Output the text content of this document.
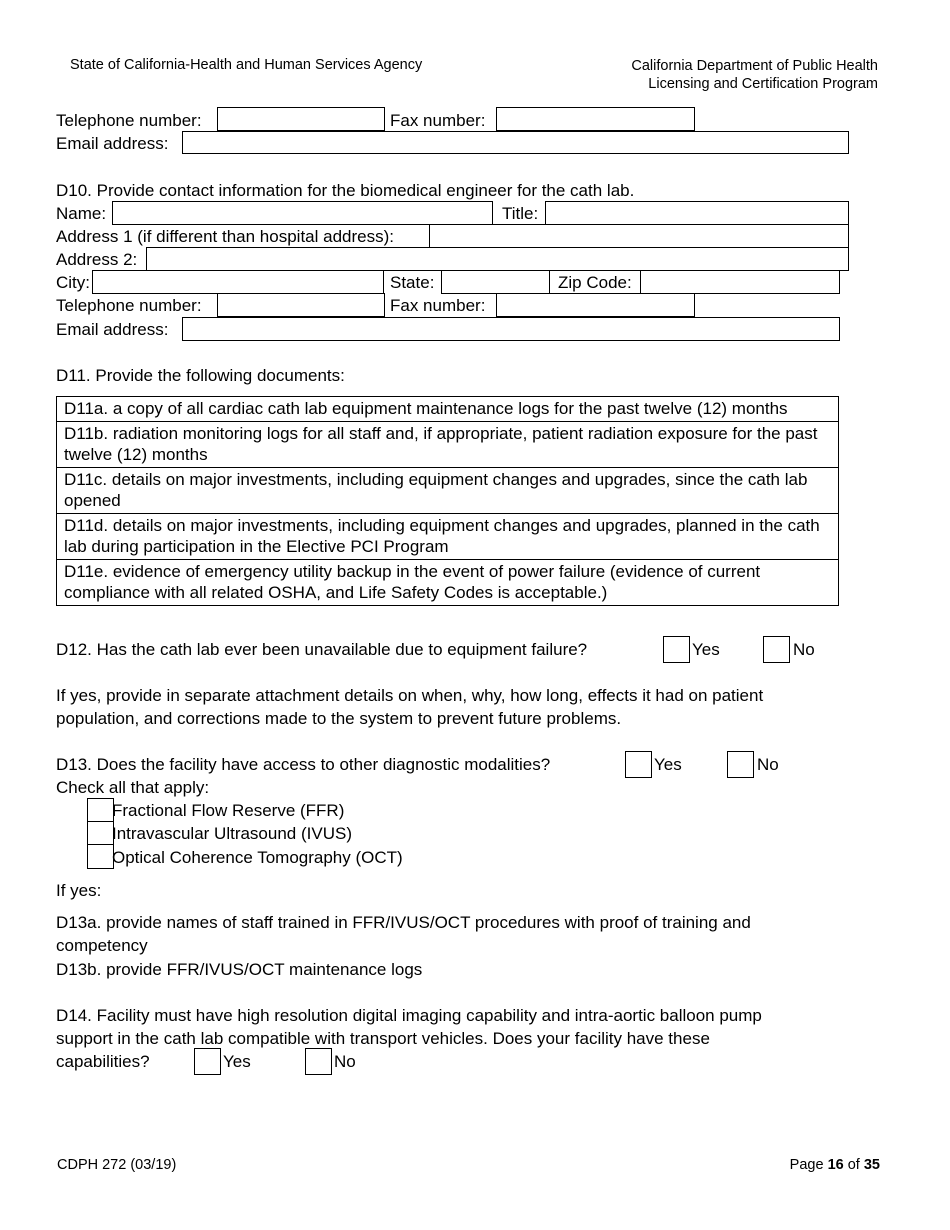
State of California-Health and Human Services Agency	California Department of Public Health
Licensing and Certification Program
Telephone number:	Fax number:
Email address:
D10. Provide contact information for the biomedical engineer for the cath lab.
Name:	Title:
Address 1 (if different than hospital address):
Address 2:
City:	State:	Zip Code:
Telephone number:	Fax number:
Email address:
D11. Provide the following documents:
D11a. a copy of all cardiac cath lab equipment maintenance logs for the past twelve (12) months
D11b. radiation monitoring logs for all staff and, if appropriate, patient radiation exposure for the past twelve (12) months
D11c. details on major investments, including equipment changes and upgrades, since the cath lab opened
D11d. details on major investments, including equipment changes and upgrades, planned in the cath lab during participation in the Elective PCI Program
D11e. evidence of emergency utility backup in the event of power failure (evidence of current compliance with all related OSHA, and Life Safety Codes is acceptable.)
D12. Has the cath lab ever been unavailable due to equipment failure?	Yes	No
If yes, provide in separate attachment details on when, why, how long, effects it had on patient
population, and corrections made to the system to prevent future problems.
D13. Does the facility have access to other diagnostic modalities?	Yes	No
Check all that apply:
Fractional Flow Reserve (FFR)
Intravascular Ultrasound (IVUS)
Optical Coherence Tomography (OCT)
If yes:
D13a. provide names of staff trained in FFR/IVUS/OCT procedures with proof of training and
competency
D13b. provide FFR/IVUS/OCT maintenance logs
D14. Facility must have high resolution digital imaging capability and intra-aortic balloon pump
support in the cath lab compatible with transport vehicles. Does your facility have these
capabilities?	Yes	No
CDPH 272 (03/19)	Page 16 of 35
